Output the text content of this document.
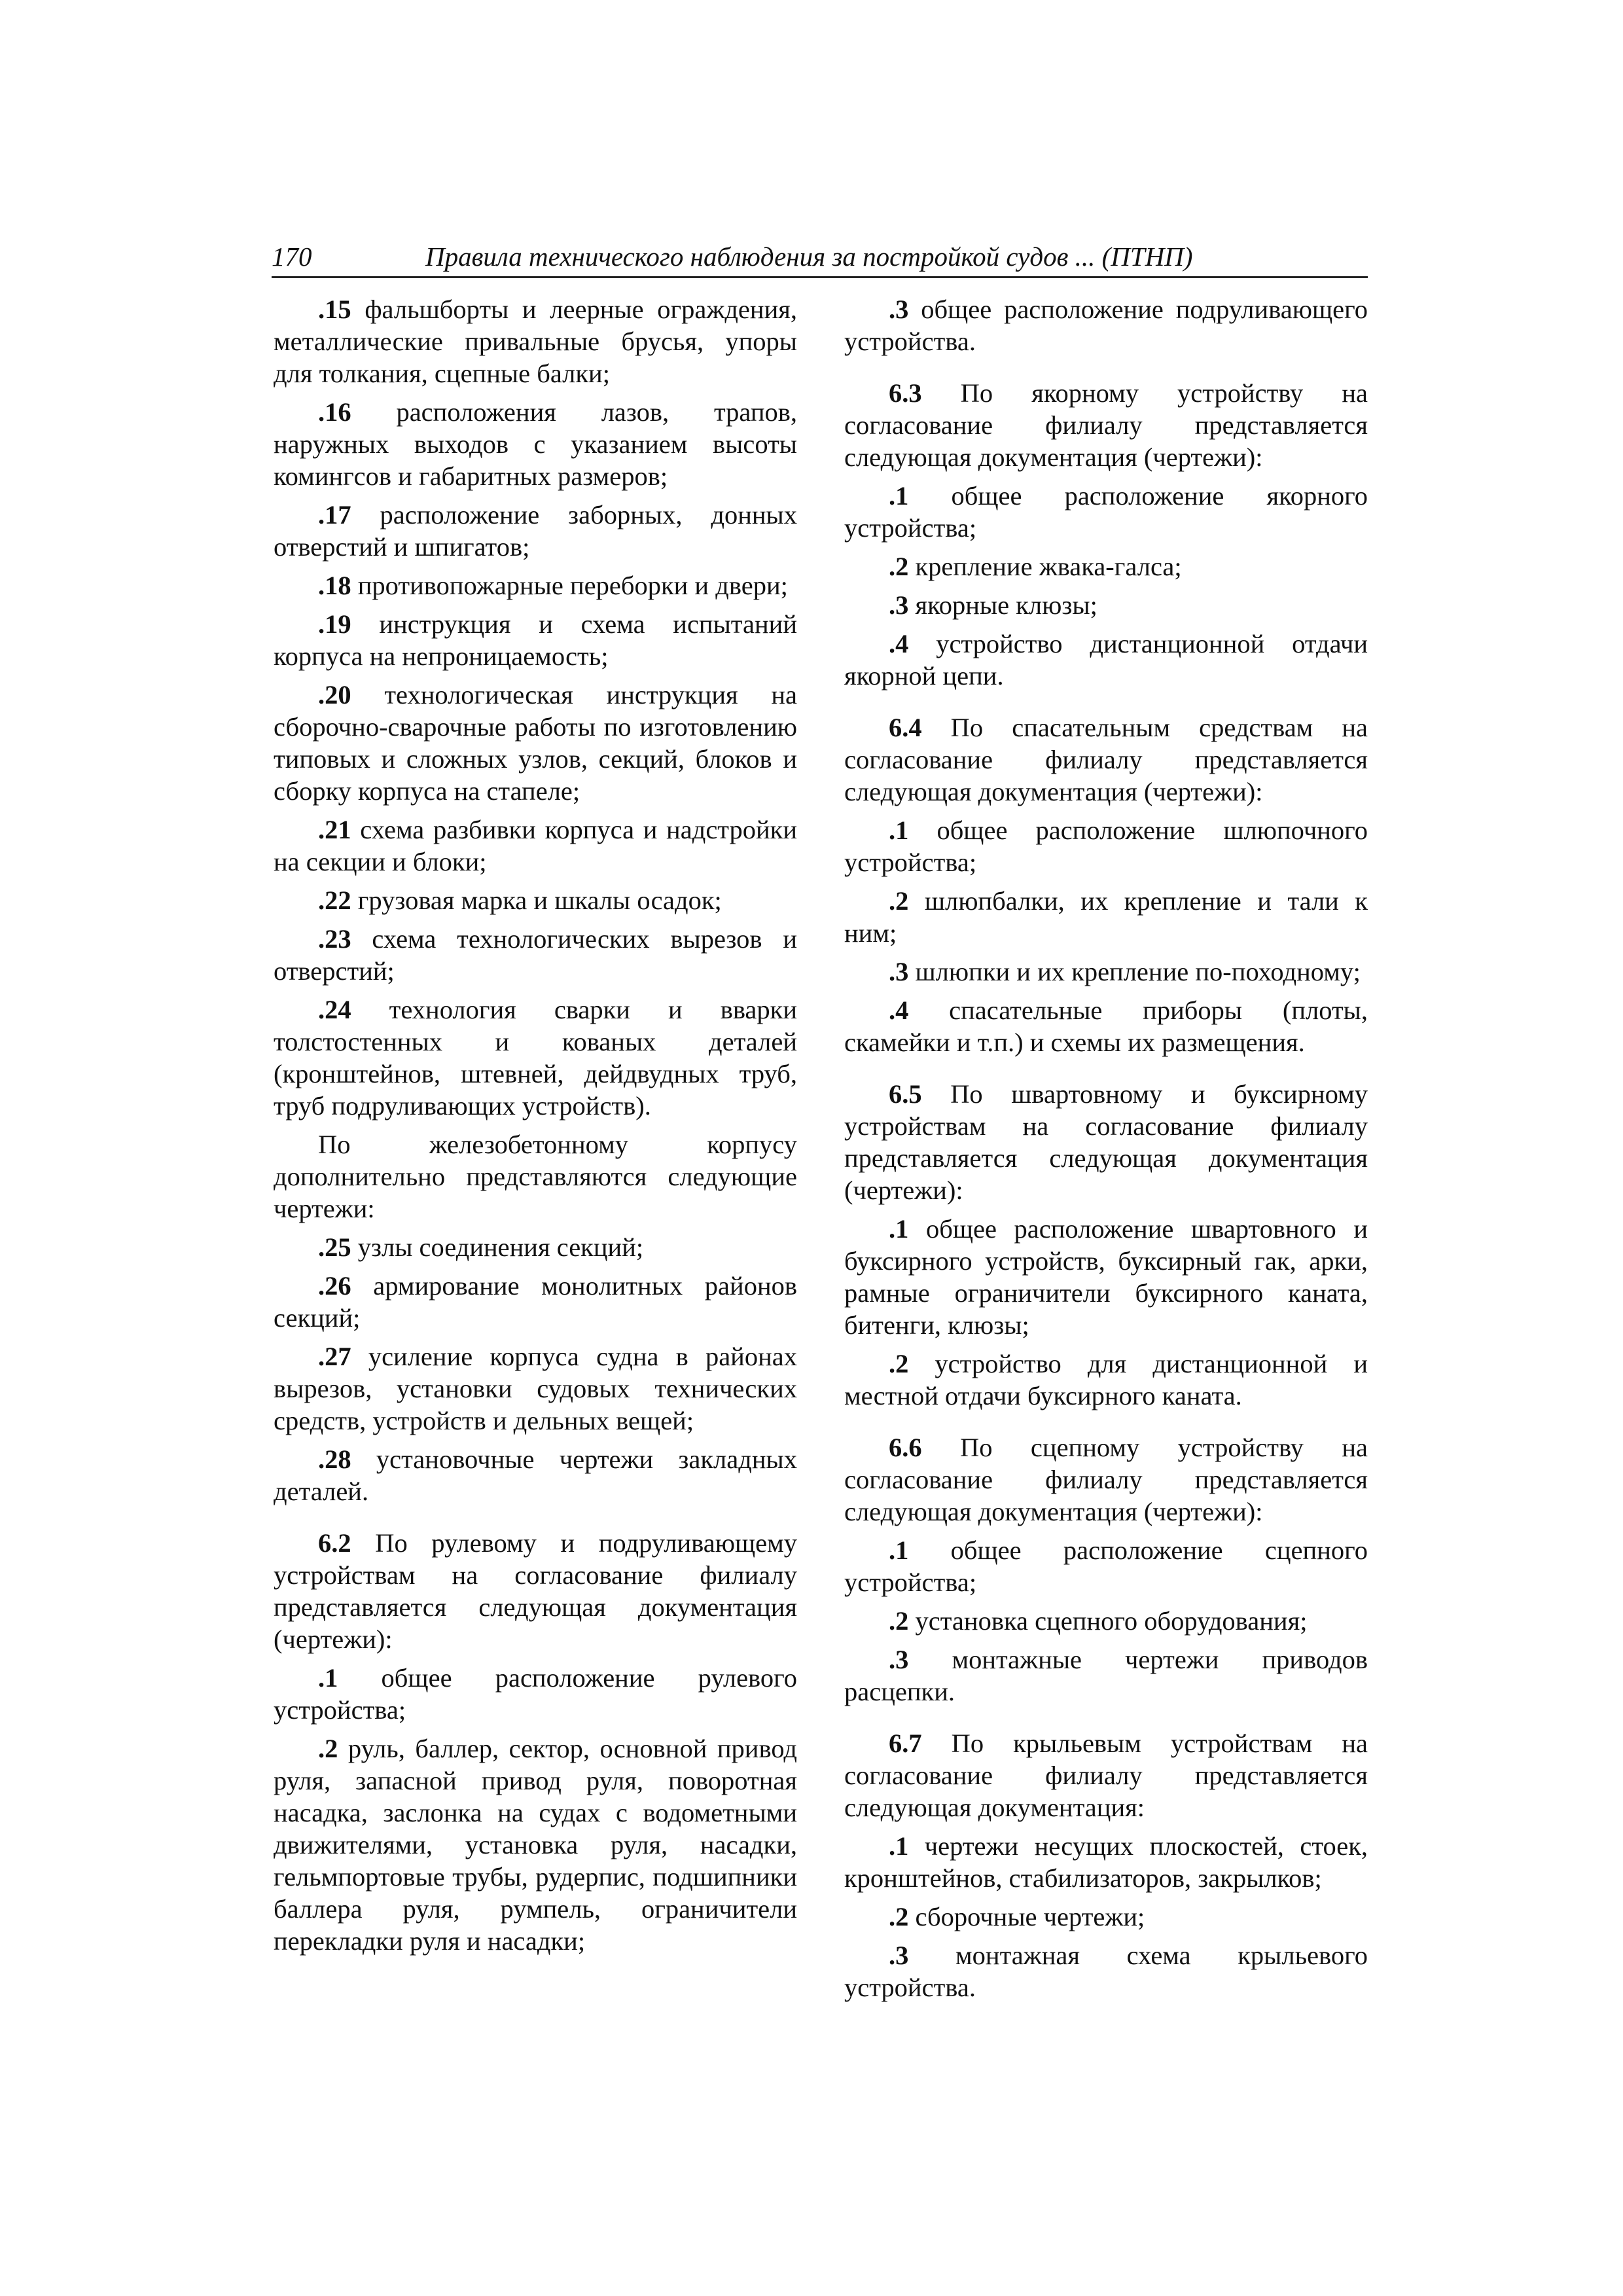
170	Правила технического наблюдения за постройкой судов ... (ПТНП)

.15 фальшборты и леерные ограждения, металлические привальные брусья, упоры для толкания, сцепные балки;

.16 расположения лазов, трапов, наружных выходов с указанием высоты комингсов и габаритных размеров;

.17 расположение заборных, донных отверстий и шпигатов;

.18 противопожарные переборки и двери;

.19 инструкция и схема испытаний корпуса на непроницаемость;

.20 технологическая инструкция на сборочно-сварочные работы по изготовлению типовых и сложных узлов, секций, блоков и сборку корпуса на стапеле;

.21 схема разбивки корпуса и надстройки на секции и блоки;

.22 грузовая марка и шкалы осадок;

.23 схема технологических вырезов и отверстий;

.24 технология сварки и вварки толстостенных и кованых деталей (кронштейнов, штевней, дейдвудных труб, труб подруливающих устройств).

По железобетонному корпусу дополнительно представляются следующие чертежи:

.25 узлы соединения секций;

.26 армирование монолитных районов секций;

.27 усиление корпуса судна в районах вырезов, установки судовых технических средств, устройств и дельных вещей;

.28 установочные чертежи закладных деталей.

6.2 По рулевому и подруливающему устройствам на согласование филиалу представляется следующая документация (чертежи):

.1 общее расположение рулевого устройства;

.2 руль, баллер, сектор, основной привод руля, запасной привод руля, поворотная насадка, заслонка на судах с водометными движителями, установка руля, насадки, гельмпортовые трубы, рудерпис, подшипники баллера руля, румпель, ограничители перекладки руля и насадки;

.3 общее расположение подруливающего устройства.

6.3 По якорному устройству на согласование филиалу представляется следующая документация (чертежи):

.1 общее расположение якорного устройства;

.2 крепление жвака-галса;

.3 якорные клюзы;

.4 устройство дистанционной отдачи якорной цепи.

6.4 По спасательным средствам на согласование филиалу представляется следующая документация (чертежи):

.1 общее расположение шлюпочного устройства;

.2 шлюпбалки, их крепление и тали к ним;

.3 шлюпки и их крепление по-походному;

.4 спасательные приборы (плоты, скамейки и т.п.) и схемы их размещения.

6.5 По швартовному и буксирному устройствам на согласование филиалу представляется следующая документация (чертежи):

.1 общее расположение швартовного и буксирного устройств, буксирный гак, арки, рамные ограничители буксирного каната, битенги, клюзы;

.2 устройство для дистанционной и местной отдачи буксирного каната.

6.6 По сцепному устройству на согласование филиалу представляется следующая документация (чертежи):

.1 общее расположение сцепного устройства;

.2 установка сцепного оборудования;

.3 монтажные чертежи приводов расцепки.

6.7 По крыльевым устройствам на согласование филиалу представляется следующая документация:

.1 чертежи несущих плоскостей, стоек, кронштейнов, стабилизаторов, закрылков;

.2 сборочные чертежи;

.3 монтажная схема крыльевого устройства.
